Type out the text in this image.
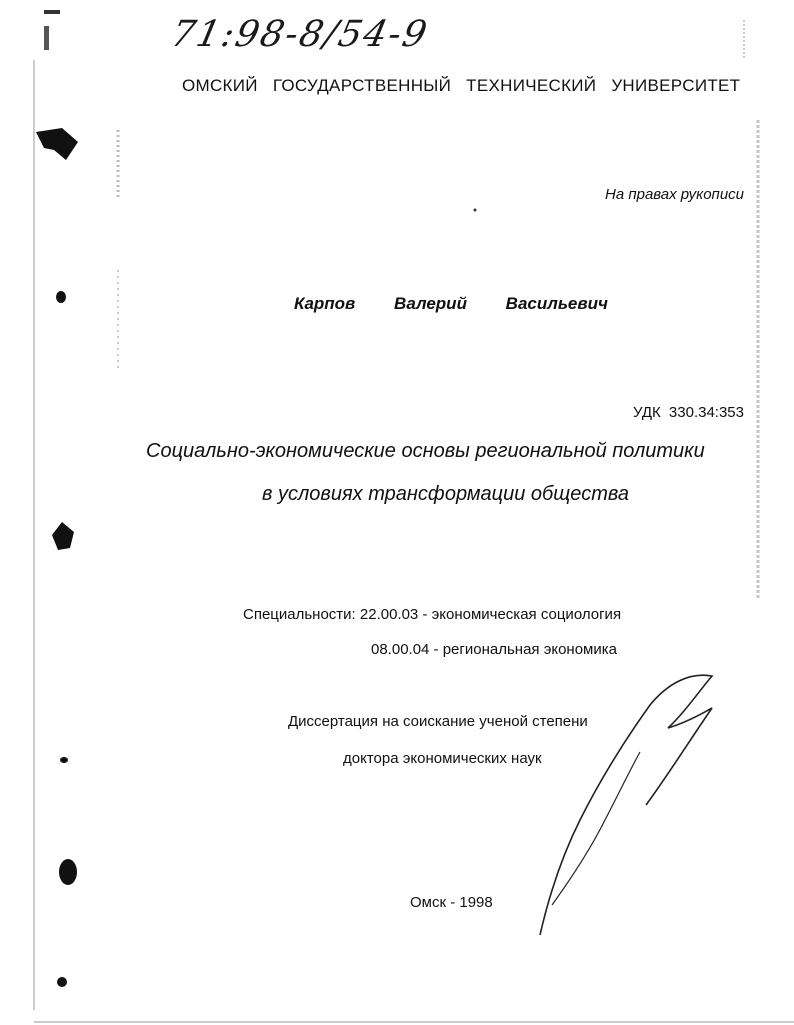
71:98-8/54-9
ОМСКИЙ ГОСУДАРСТВЕННЫЙ ТЕХНИЧЕСКИЙ УНИВЕРСИТЕТ
На правах рукописи
Карпов Валерий Васильевич
УДК 330.34:353
Социально-экономические основы региональной политики
в условиях трансформации общества
Специальности: 22.00.03 - экономическая социология
08.00.04 - региональная экономика
Диссертация на соискание ученой степени
доктора экономических наук
Омск - 1998
